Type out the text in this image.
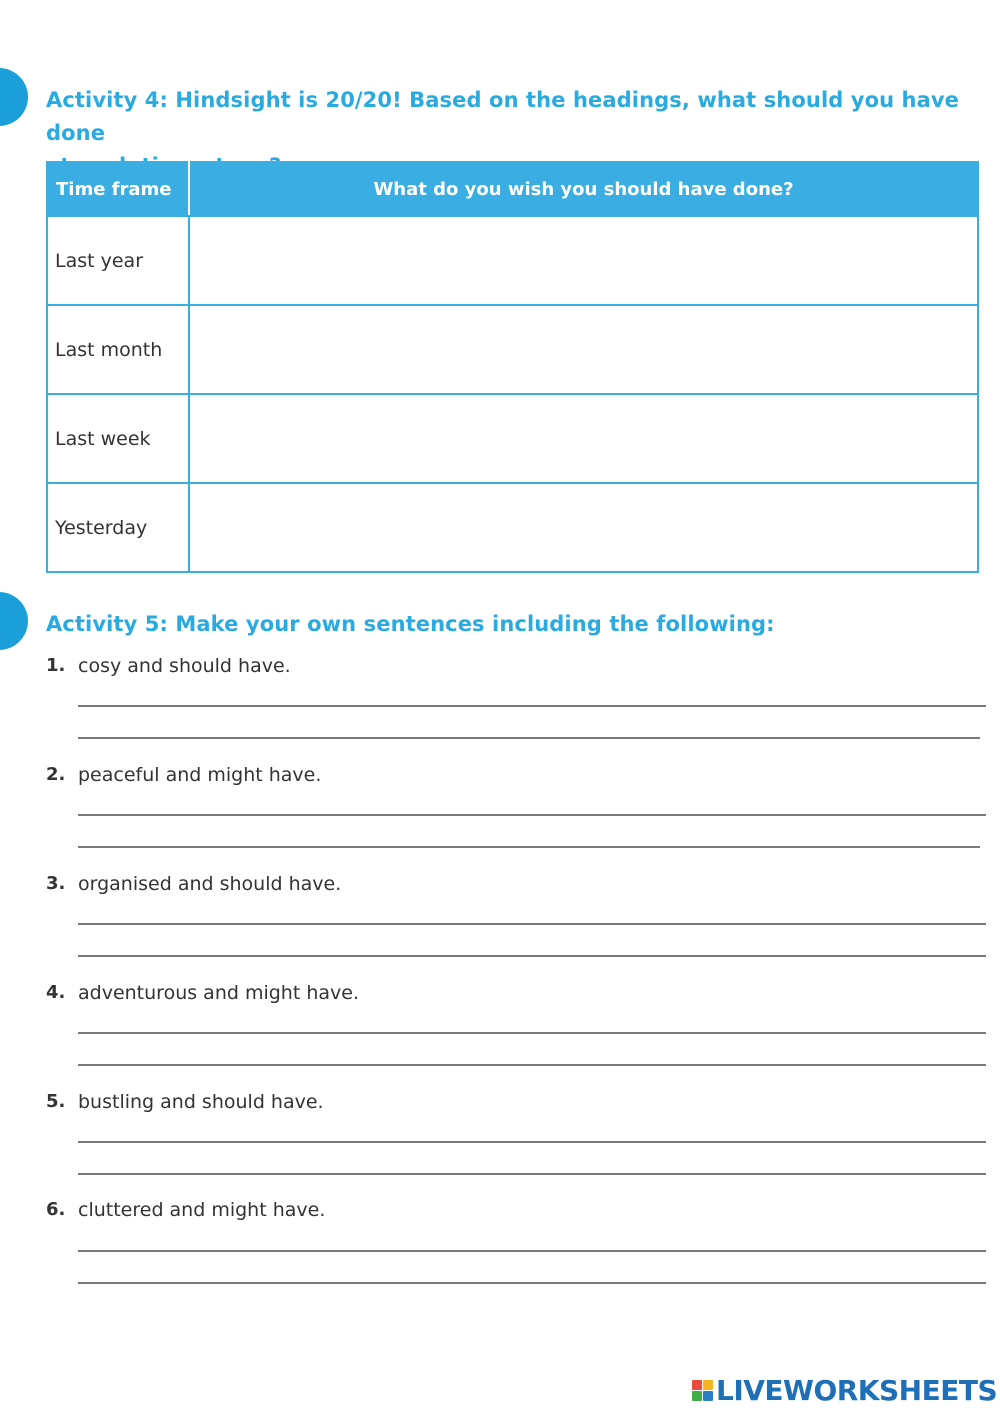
Activity 4: Hindsight is 20/20! Based on the headings, what should you have done

Time frame	What do you wish you should have done?
Last year	
Last month	
Last week	
Yesterday	
Activity 5: Make your own sentences including the following:
1. cosy and should have.
2. peaceful and might have.
3. organised and should have.
4. adventurous and might have.
5. bustling and should have.
6. cluttered and might have.
LIVEWORKSHEETS
